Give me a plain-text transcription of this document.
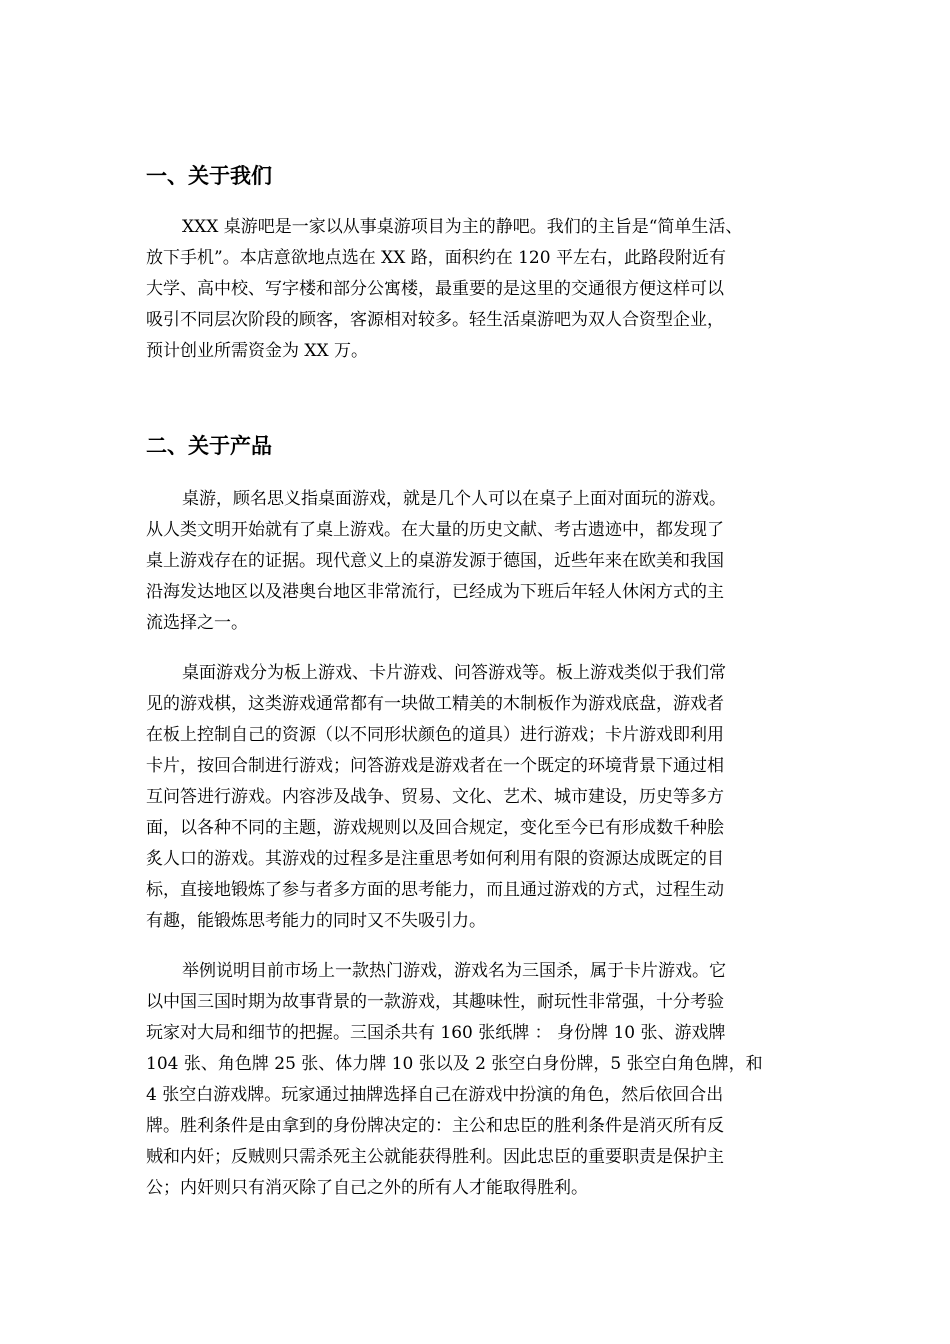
一、关于我们
XXX 桌游吧是一家以从事桌游项目为主的静吧。我们的主旨是“简单生活、
放下手机”。本店意欲地点选在 XX 路，面积约在 120 平左右，此路段附近有
大学、高中校、写字楼和部分公寓楼，最重要的是这里的交通很方便这样可以
吸引不同层次阶段的顾客，客源相对较多。轻生活桌游吧为双人合资型企业，
预计创业所需资金为 XX 万。
二、关于产品
桌游，顾名思义指桌面游戏，就是几个人可以在桌子上面对面玩的游戏。
从人类文明开始就有了桌上游戏。在大量的历史文献、考古遗迹中，都发现了
桌上游戏存在的证据。现代意义上的桌游发源于德国，近些年来在欧美和我国
沿海发达地区以及港奥台地区非常流行，已经成为下班后年轻人休闲方式的主
流选择之一。
桌面游戏分为板上游戏、卡片游戏、问答游戏等。板上游戏类似于我们常
见的游戏棋，这类游戏通常都有一块做工精美的木制板作为游戏底盘，游戏者
在板上控制自己的资源（以不同形状颜色的道具）进行游戏；卡片游戏即利用
卡片，按回合制进行游戏；问答游戏是游戏者在一个既定的环境背景下通过相
互问答进行游戏。内容涉及战争、贸易、文化、艺术、城市建设，历史等多方
面，以各种不同的主题，游戏规则以及回合规定，变化至今已有形成数千种脍
炙人口的游戏。其游戏的过程多是注重思考如何利用有限的资源达成既定的目
标，直接地锻炼了参与者多方面的思考能力，而且通过游戏的方式，过程生动
有趣，能锻炼思考能力的同时又不失吸引力。
举例说明目前市场上一款热门游戏，游戏名为三国杀，属于卡片游戏。它
以中国三国时期为故事背景的一款游戏，其趣味性，耐玩性非常强，十分考验
玩家对大局和细节的把握。三国杀共有 160 张纸牌 ： 身份牌 10 张、游戏牌
104 张、角色牌 25 张、体力牌 10 张以及 2 张空白身份牌，5 张空白角色牌，和
4 张空白游戏牌。玩家通过抽牌选择自己在游戏中扮演的角色，然后依回合出
牌。胜利条件是由拿到的身份牌决定的：主公和忠臣的胜利条件是消灭所有反
贼和内奸；反贼则只需杀死主公就能获得胜利。因此忠臣的重要职责是保护主
公；内奸则只有消灭除了自己之外的所有人才能取得胜利。
